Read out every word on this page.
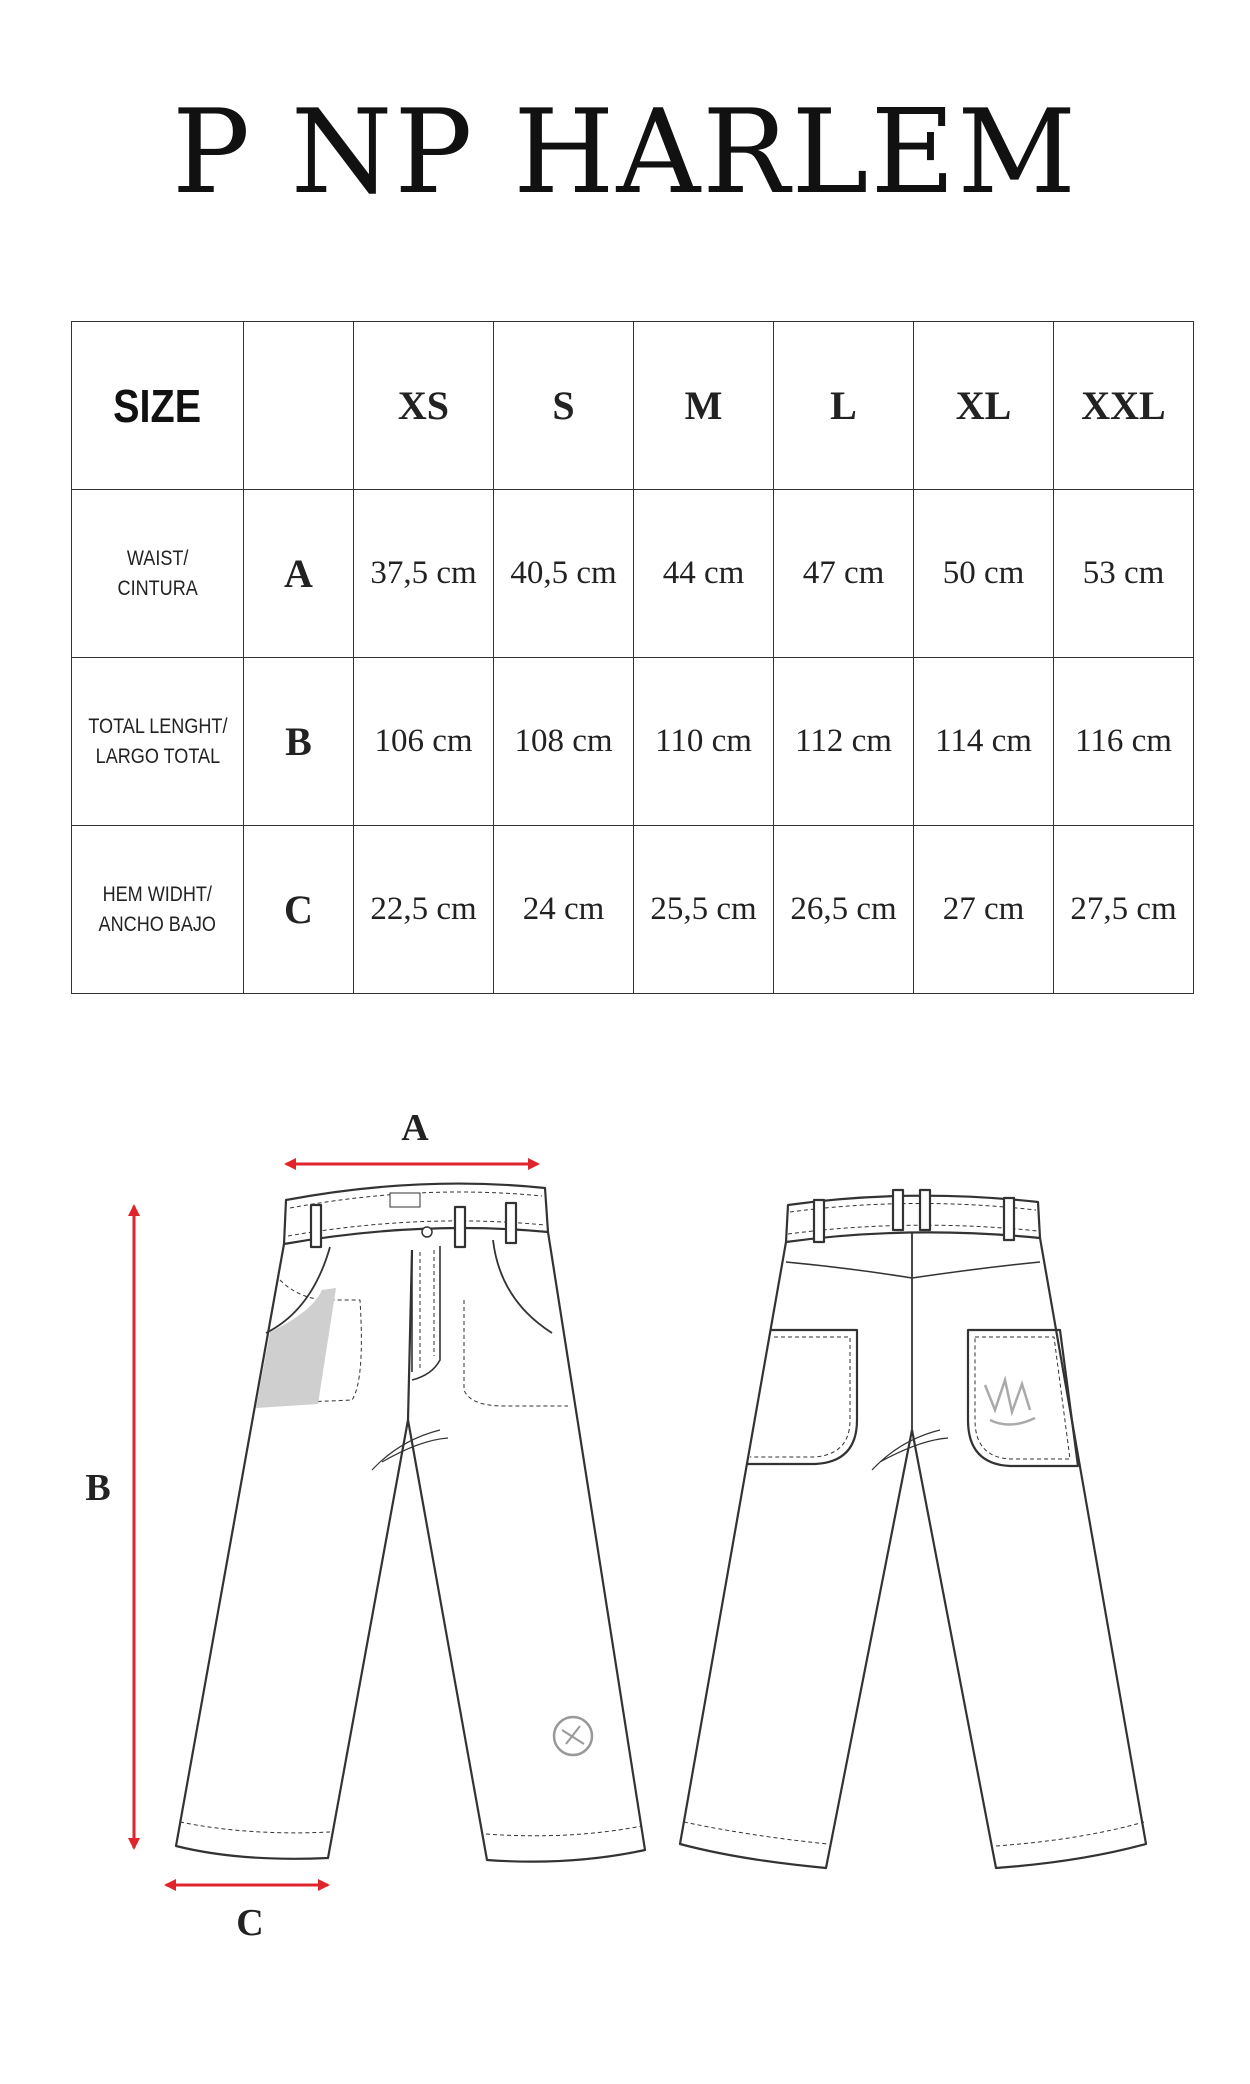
P NP HARLEM
SIZE		XS	S	M	L	XL	XXL
WAIST/
CINTURA	A	37,5 cm	40,5 cm	44 cm	47 cm	50 cm	53 cm
TOTAL LENGHT/
LARGO TOTAL	B	106 cm	108 cm	110 cm	112 cm	114 cm	116 cm
HEM WIDHT/
ANCHO BAJO	C	22,5 cm	24 cm	25,5 cm	26,5 cm	27 cm	27,5 cm
A
B
C
